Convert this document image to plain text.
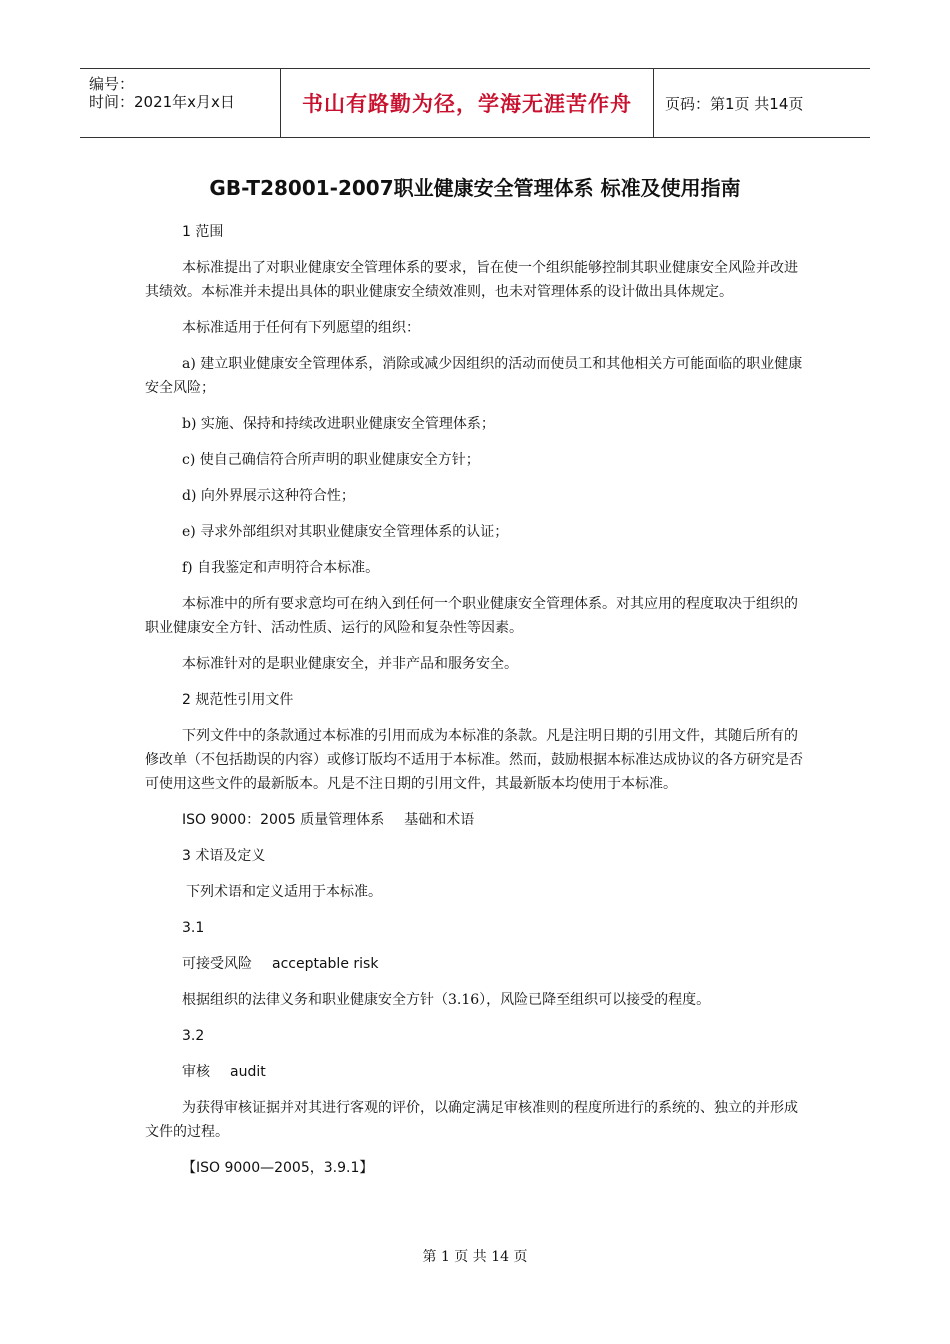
编号：
时间：2021年x月x日	书山有路勤为径，学海无涯苦作舟	页码：第1页 共14页
GB-T28001-2007职业健康安全管理体系 标准及使用指南

1 范围

本标准提出了对职业健康安全管理体系的要求，旨在使一个组织能够控制其职业健康安全风险并改进其绩效。本标准并未提出具体的职业健康安全绩效准则，也未对管理体系的设计做出具体规定。

本标准适用于任何有下列愿望的组织：

a) 建立职业健康安全管理体系，消除或减少因组织的活动而使员工和其他相关方可能面临的职业健康安全风险；

b) 实施、保持和持续改进职业健康安全管理体系；

c) 使自己确信符合所声明的职业健康安全方针；

d) 向外界展示这种符合性；

e) 寻求外部组织对其职业健康安全管理体系的认证；

f) 自我鉴定和声明符合本标准。

本标准中的所有要求意均可在纳入到任何一个职业健康安全管理体系。对其应用的程度取决于组织的职业健康安全方针、活动性质、运行的风险和复杂性等因素。

本标准针对的是职业健康安全，并非产品和服务安全。

2 规范性引用文件

下列文件中的条款通过本标准的引用而成为本标准的条款。凡是注明日期的引用文件，其随后所有的修改单（不包括勘误的内容）或修订版均不适用于本标准。然而，鼓励根据本标准达成协议的各方研究是否可使用这些文件的最新版本。凡是不注日期的引用文件，其最新版本均使用于本标准。

ISO 9000：2005 质量管理体系 基础和术语

3 术语及定义

下列术语和定义适用于本标准。

3.1

可接受风险 acceptable risk

根据组织的法律义务和职业健康安全方针（3.16），风险已降至组织可以接受的程度。

3.2

审核 audit

为获得审核证据并对其进行客观的评价，以确定满足审核准则的程度所进行的系统的、独立的并形成文件的过程。

【ISO 9000—2005，3.9.1】

第 1 页 共 14 页
